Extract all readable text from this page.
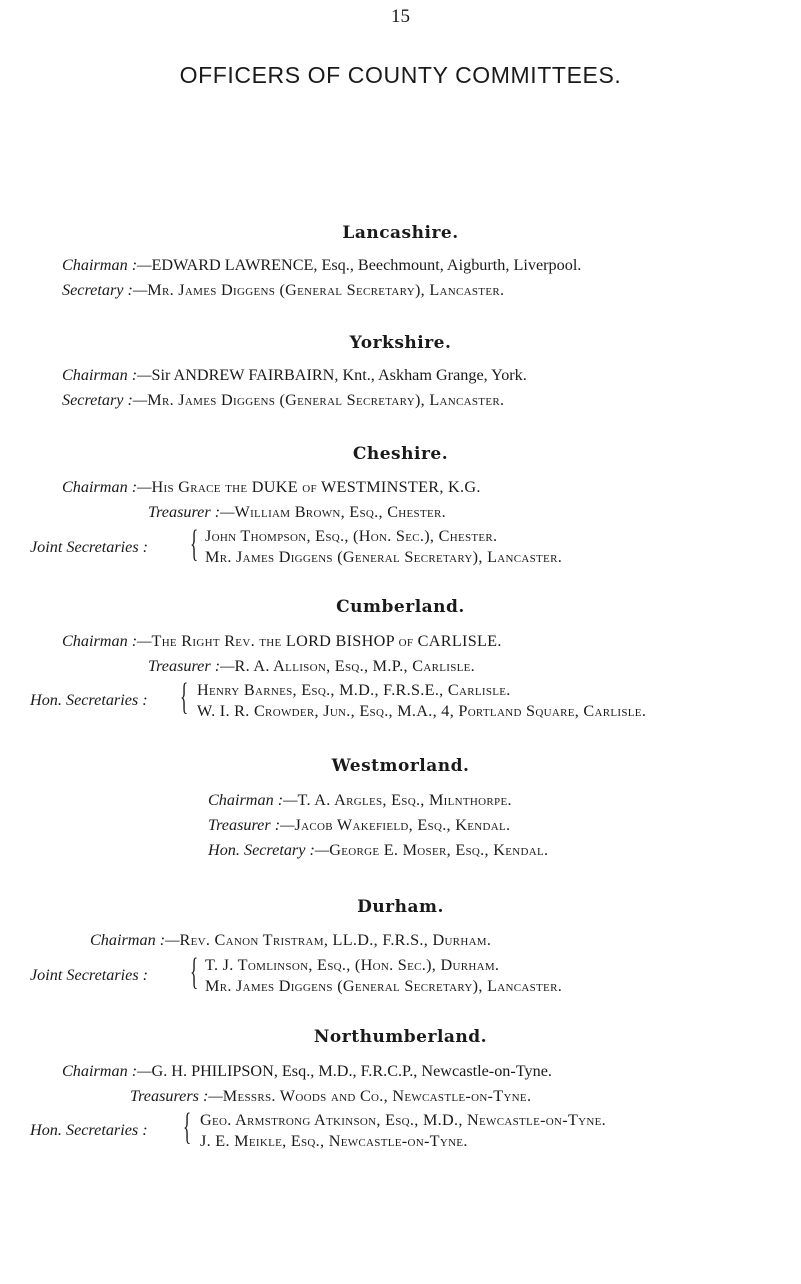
15
OFFICERS OF COUNTY COMMITTEES.
Lancashire.
Chairman :—EDWARD LAWRENCE, Esq., Beechmount, Aigburth, Liverpool.
Secretary :—Mr. James Diggens (General Secretary), Lancaster.
Yorkshire.
Chairman :—Sir ANDREW FAIRBAIRN, Knt., Askham Grange, York.
Secretary :—Mr. James Diggens (General Secretary), Lancaster.
Cheshire.
Chairman :—His Grace the DUKE of WESTMINSTER, K.G.
Treasurer :—William Brown, Esq., Chester.
Joint Secretaries : { John Thompson, Esq., (Hon. Sec.), Chester.
Mr. James Diggens (General Secretary), Lancaster.
Cumberland.
Chairman :—The Right Rev. the LORD BISHOP of CARLISLE.
Treasurer :—R. A. Allison, Esq., M.P., Carlisle.
Hon. Secretaries : { Henry Barnes, Esq., M.D., F.R.S.E., Carlisle.
W. I. R. Crowder, Jun., Esq., M.A., 4, Portland Square, Carlisle.
Westmorland.
Chairman :—T. A. Argles, Esq., Milnthorpe.
Treasurer :—Jacob Wakefield, Esq., Kendal.
Hon. Secretary :—George E. Moser, Esq., Kendal.
Durham.
Chairman :—Rev. Canon Tristram, LL.D., F.R.S., Durham.
Joint Secretaries : { T. J. Tomlinson, Esq., (Hon. Sec.), Durham.
Mr. James Diggens (General Secretary), Lancaster.
Northumberland.
Chairman :—G. H. PHILIPSON, Esq., M.D., F.R.C.P., Newcastle-on-Tyne.
Treasurers :—Messrs. Woods and Co., Newcastle-on-Tyne.
Hon. Secretaries : { Geo. Armstrong Atkinson, Esq., M.D., Newcastle-on-Tyne.
J. E. Meikle, Esq., Newcastle-on-Tyne.
